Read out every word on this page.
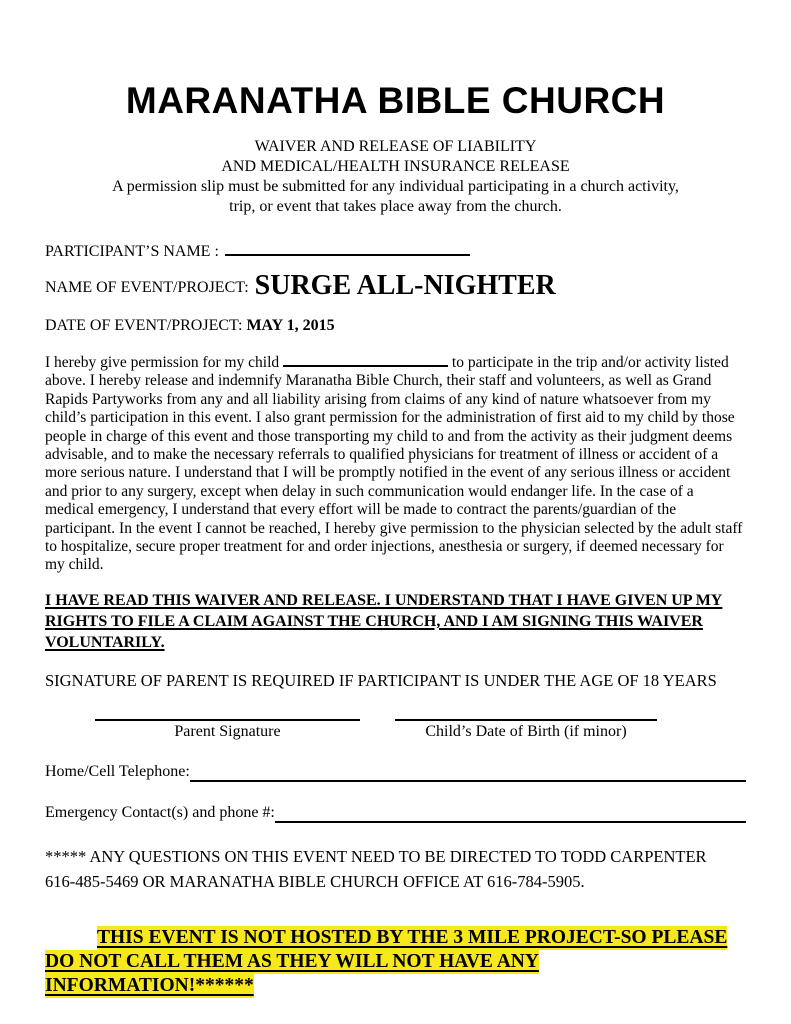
MARANATHA BIBLE CHURCH
WAIVER AND RELEASE OF LIABILITY
AND MEDICAL/HEALTH INSURANCE RELEASE
A permission slip must be submitted for any individual participating in a church activity,
trip, or event that takes place away from the church.
PARTICIPANT’S NAME :
NAME OF EVENT/PROJECT: SURGE ALL-NIGHTER
DATE OF EVENT/PROJECT: MAY 1, 2015

I hereby give permission for my child	to participate in the trip and/or activity listed above. I hereby release and indemnify Maranatha Bible Church, their staff and volunteers, as well as Grand Rapids Partyworks from any and all liability arising from claims of any kind of nature whatsoever from my child’s participation in this event. I also grant permission for the administration of first aid to my child by those people in charge of this event and those transporting my child to and from the activity as their judgment deems advisable, and to make the necessary referrals to qualified physicians for treatment of illness or accident of a more serious nature. I understand that I will be promptly notified in the event of any serious illness or accident and prior to any surgery, except when delay in such communication would endanger life. In the case of a medical emergency, I understand that every effort will be made to contract the parents/guardian of the participant. In the event I cannot be reached, I hereby give permission to the physician selected by the adult staff to hospitalize, secure proper treatment for and order injections, anesthesia or surgery, if deemed necessary for my child.

I HAVE READ THIS WAIVER AND RELEASE. I UNDERSTAND THAT I HAVE GIVEN UP MY
RIGHTS TO FILE A CLAIM AGAINST THE CHURCH, AND I AM SIGNING THIS WAIVER
VOLUNTARILY.
SIGNATURE OF PARENT IS REQUIRED IF PARTICIPANT IS UNDER THE AGE OF 18 YEARS
Parent Signature	Child’s Date of Birth (if minor)
Home/Cell Telephone:
Emergency Contact(s) and phone #:
***** ANY QUESTIONS ON THIS EVENT NEED TO BE DIRECTED TO TODD CARPENTER
616-485-5469 OR MARANATHA BIBLE CHURCH OFFICE AT 616-784-5905.

THIS EVENT IS NOT HOSTED BY THE 3 MILE PROJECT-SO PLEASE DO NOT CALL THEM AS THEY WILL NOT HAVE ANY INFORMATION!******
